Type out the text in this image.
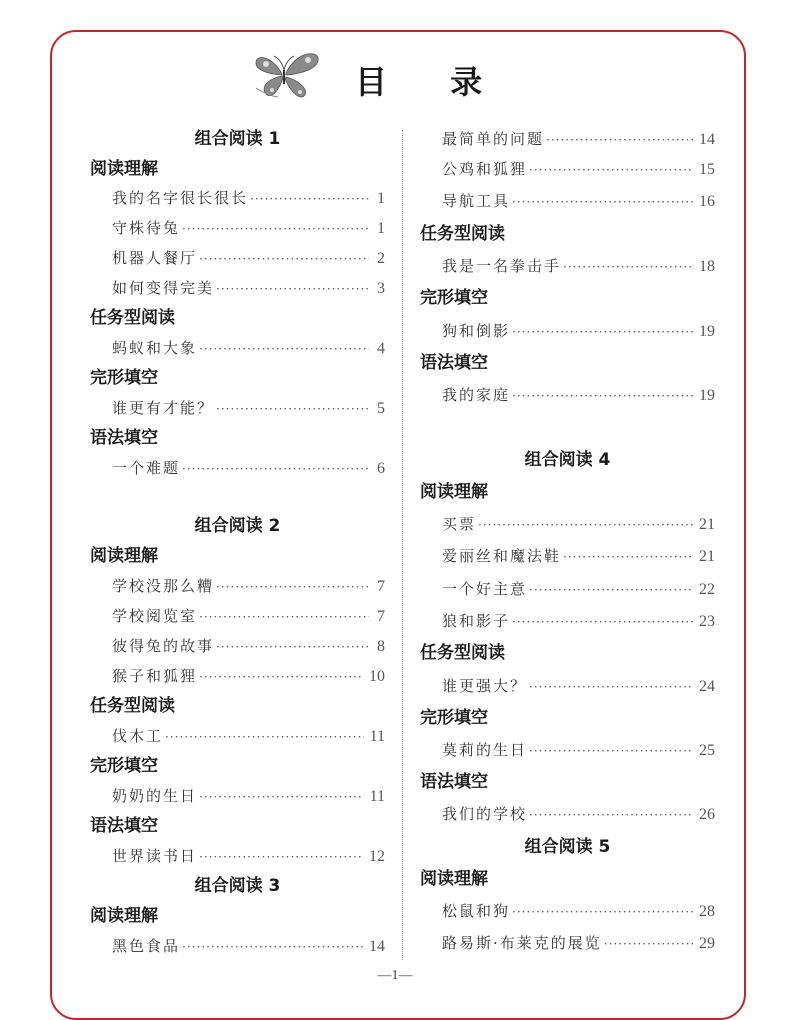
目 录
组合阅读 1
阅读理解
我的名字很长很长 ·····	1
守株待兔 ·····	1
机器人餐厅 ·····	2
如何变得完美 ·····	3
任务型阅读
蚂蚁和大象 ·····	4
完形填空
谁更有才能？ ·····	5
语法填空
一个难题 ·····	6
组合阅读 2
阅读理解
学校没那么糟 ·····	7
学校阅览室 ·····	7
彼得兔的故事 ·····	8
猴子和狐狸 ·····	10
任务型阅读
伐木工 ·····	11
完形填空
奶奶的生日 ·····	11
语法填空
世界读书日 ·····	12
组合阅读 3
阅读理解
黑色食品 ·····	14
最简单的问题 ·····	14
公鸡和狐狸 ·····	15
导航工具 ·····	16
任务型阅读
我是一名拳击手 ·····	18
完形填空
狗和倒影 ·····	19
语法填空
我的家庭 ·····	19
组合阅读 4
阅读理解
买票 ·····	21
爱丽丝和魔法鞋 ·····	21
一个好主意 ·····	22
狼和影子 ·····	23
任务型阅读
谁更强大？ ·····	24
完形填空
莫莉的生日 ·····	25
语法填空
我们的学校 ·····	26
组合阅读 5
阅读理解
松鼠和狗 ·····	28
路易斯·布莱克的展览 ·····	29
—1—
